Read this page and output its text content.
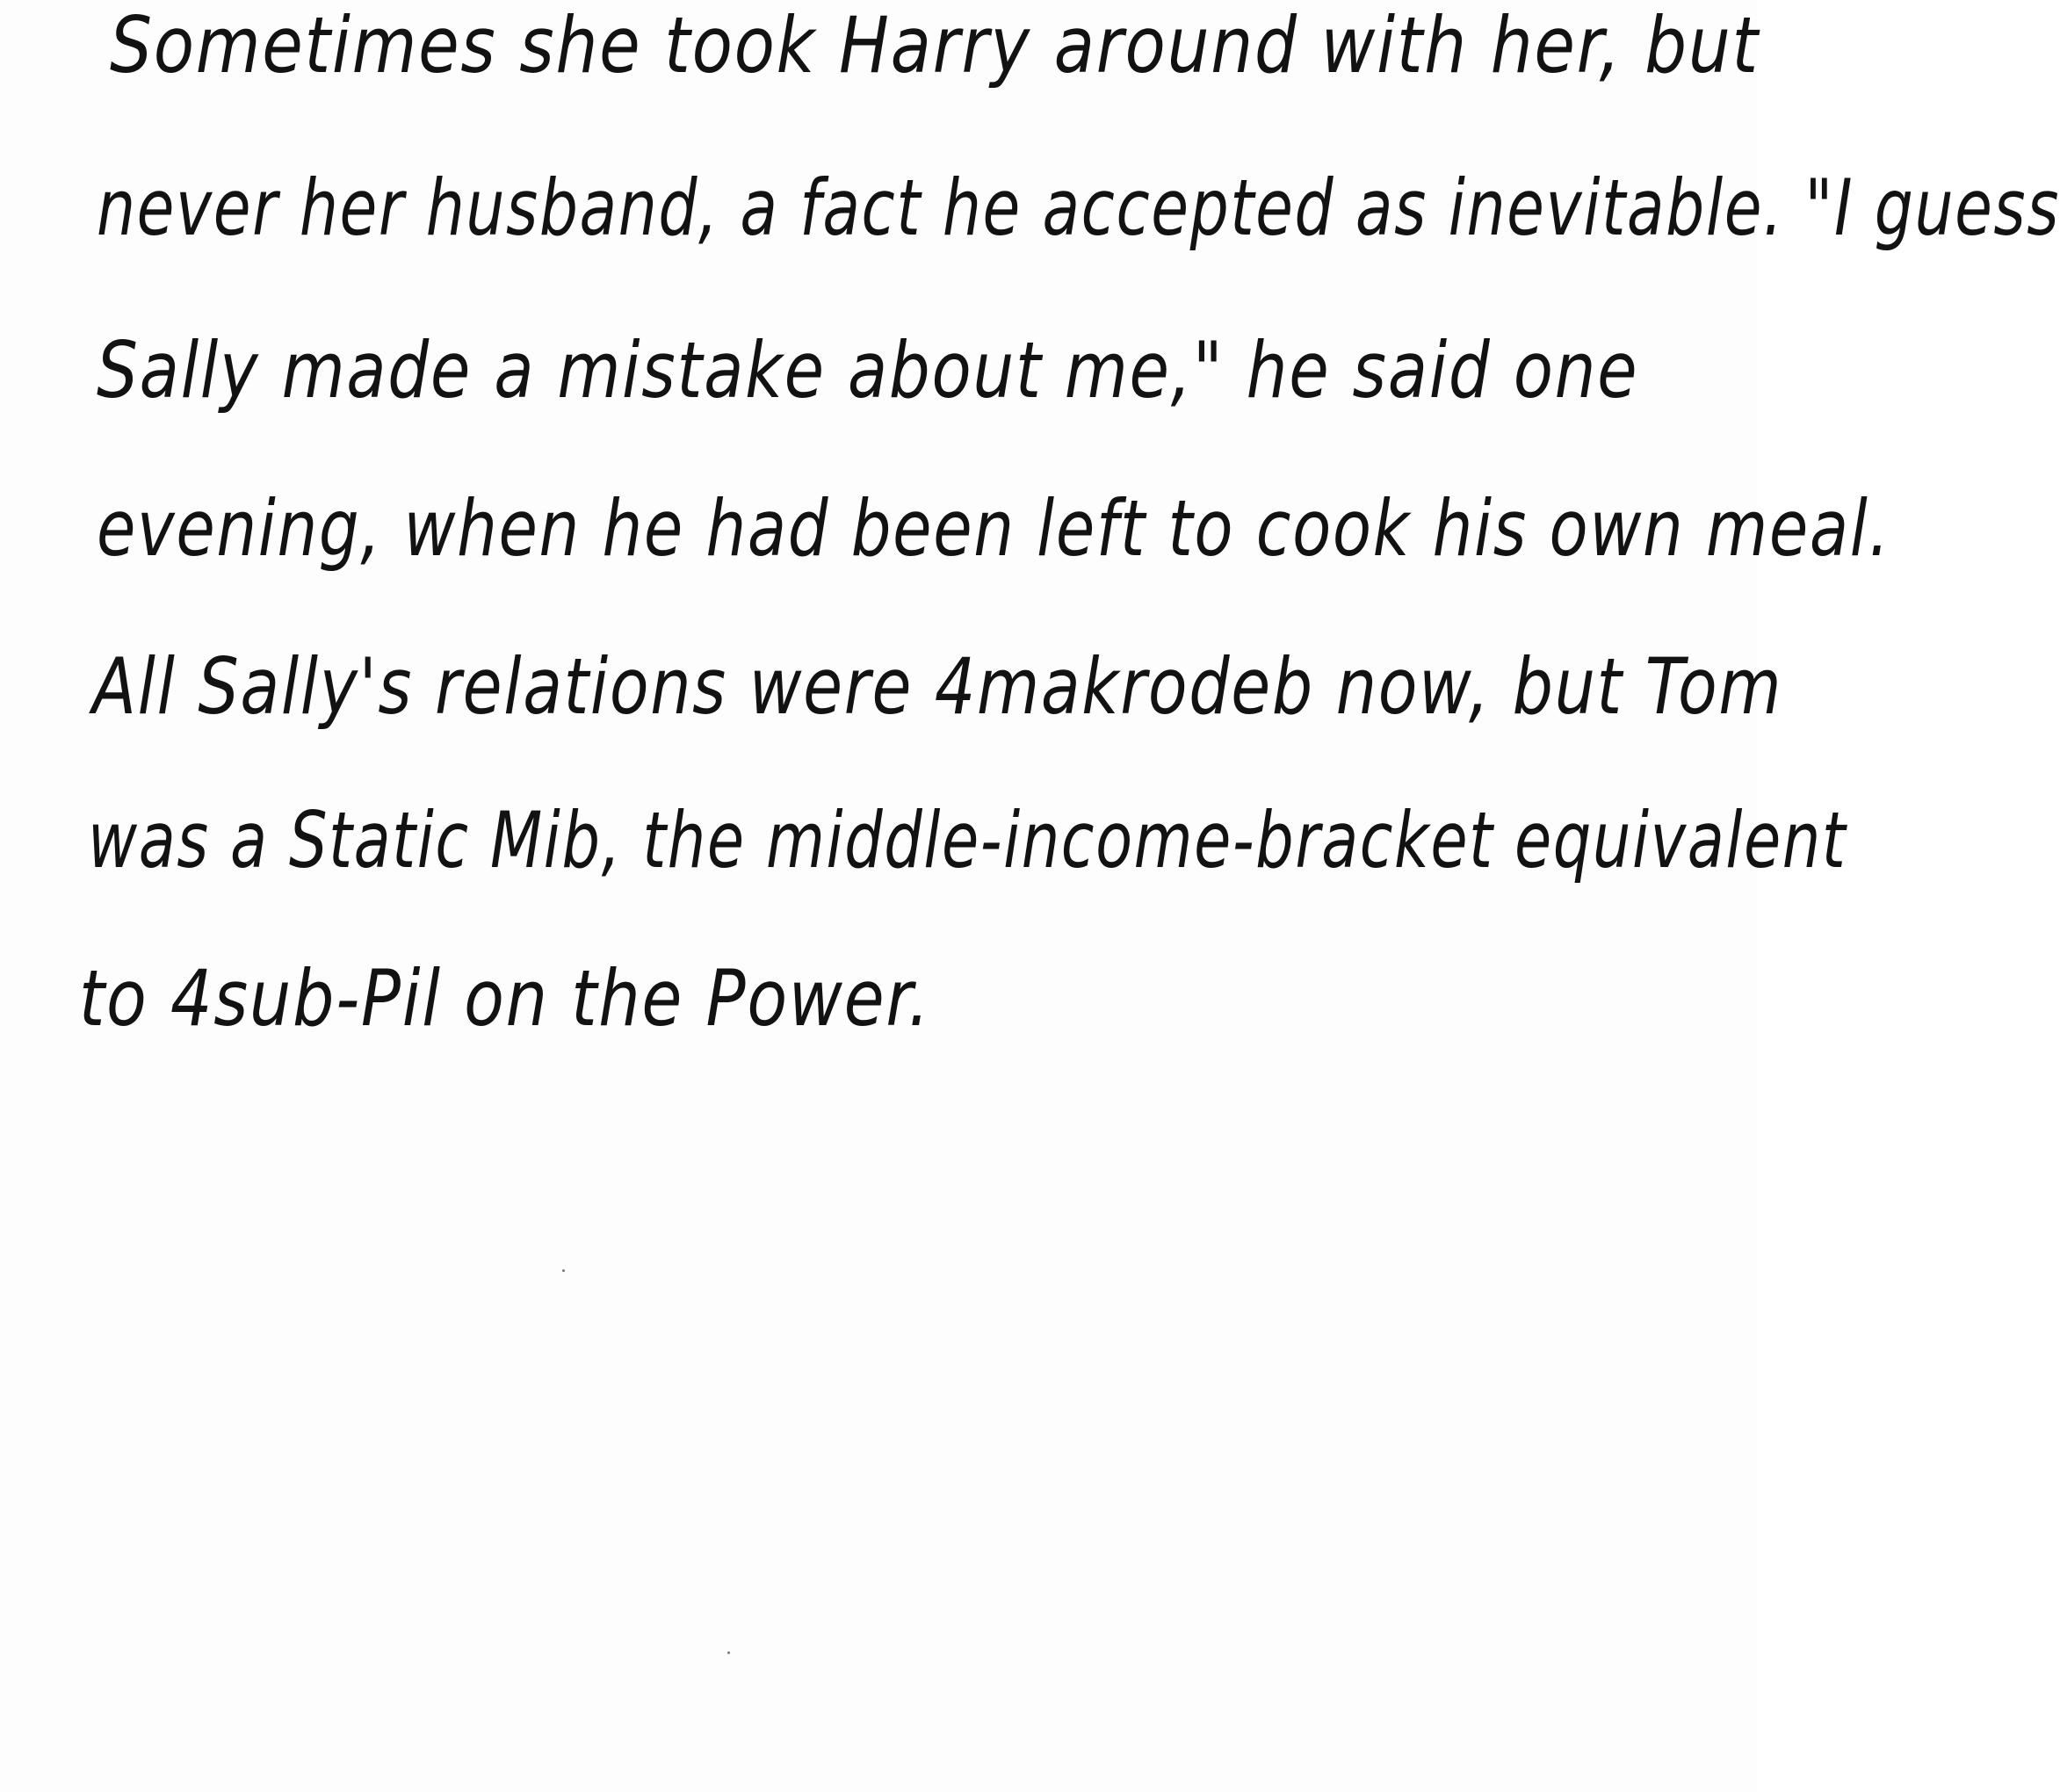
Sometimes she took Harry around with her, but
never her husband, a fact he accepted as inevitable. "I guess
Sally made a mistake about me," he said one
evening, when he had been left to cook his own meal.
All Sally's relations were 4makrodeb now, but Tom
was a Static Mib, the middle-income-bracket equivalent
to 4sub-Pil on the Power.
